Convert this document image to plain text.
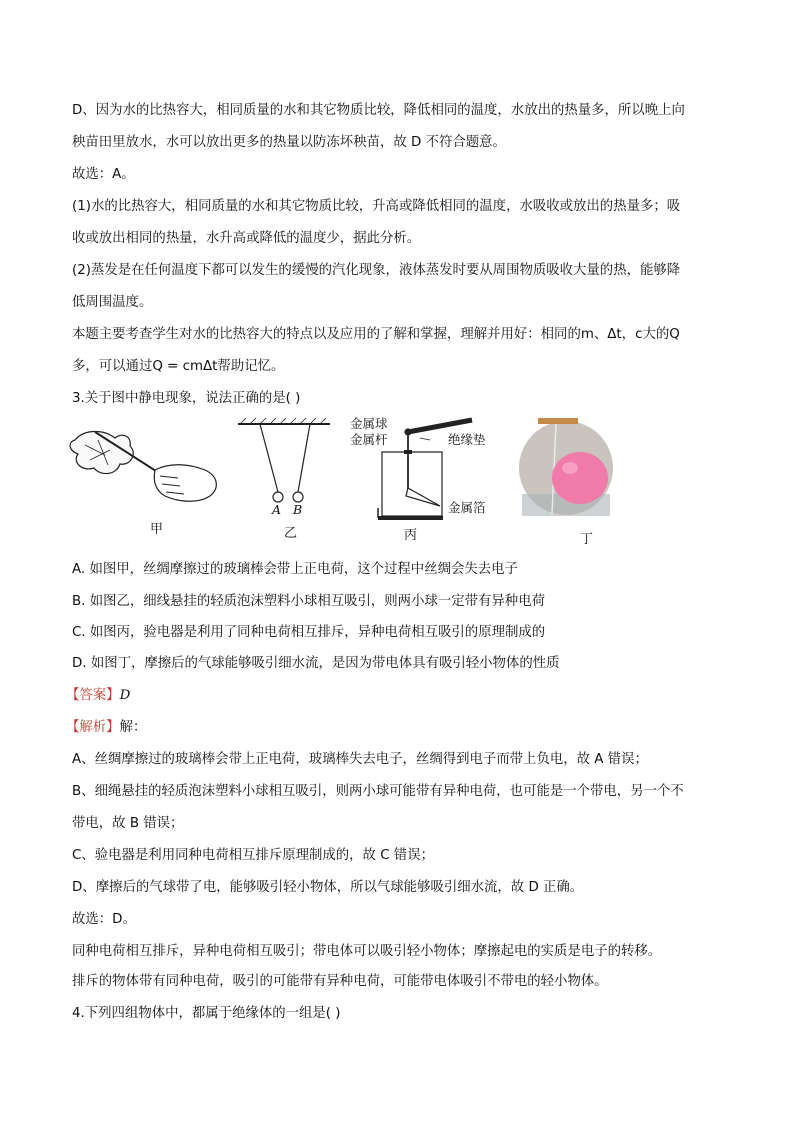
D、因为水的比热容大，相同质量的水和其它物质比较，降低相同的温度，水放出的热量多，所以晚上向
秧苗田里放水，水可以放出更多的热量以防冻坏秧苗，故 D 不符合题意。
故选：A。
(1)水的比热容大，相同质量的水和其它物质比较，升高或降低相同的温度，水吸收或放出的热量多；吸
收或放出相同的热量，水升高或降低的温度少，据此分析。
(2)蒸发是在任何温度下都可以发生的缓慢的汽化现象，液体蒸发时要从周围物质吸收大量的热，能够降
低周围温度。
本题主要考查学生对水的比热容大的特点以及应用的了解和掌握，理解并用好：相同的m、Δt，c大的Q
多，可以通过Q = cmΔt帮助记忆。
3.关于图中静电现象，说法正确的是( )
甲	乙	丙	丁
A B
金属球
金属杆	绝缘垫
金属箔
A. 如图甲，丝绸摩擦过的玻璃棒会带上正电荷，这个过程中丝绸会失去电子
B. 如图乙，细线悬挂的轻质泡沫塑料小球相互吸引，则两小球一定带有异种电荷
C. 如图丙，验电器是利用了同种电荷相互排斥，异种电荷相互吸引的原理制成的
D. 如图丁，摩擦后的气球能够吸引细水流，是因为带电体具有吸引轻小物体的性质
【答案】D
【解析】解：
A、丝绸摩擦过的玻璃棒会带上正电荷，玻璃棒失去电子，丝绸得到电子而带上负电，故 A 错误；
B、细绳悬挂的轻质泡沫塑料小球相互吸引，则两小球可能带有异种电荷，也可能是一个带电，另一个不
带电，故 B 错误；
C、验电器是利用同种电荷相互排斥原理制成的，故 C 错误；
D、摩擦后的气球带了电，能够吸引轻小物体，所以气球能够吸引细水流，故 D 正确。
故选：D。
同种电荷相互排斥，异种电荷相互吸引；带电体可以吸引轻小物体；摩擦起电的实质是电子的转移。
排斥的物体带有同种电荷，吸引的可能带有异种电荷，可能带电体吸引不带电的轻小物体。
4.下列四组物体中，都属于绝缘体的一组是( )
